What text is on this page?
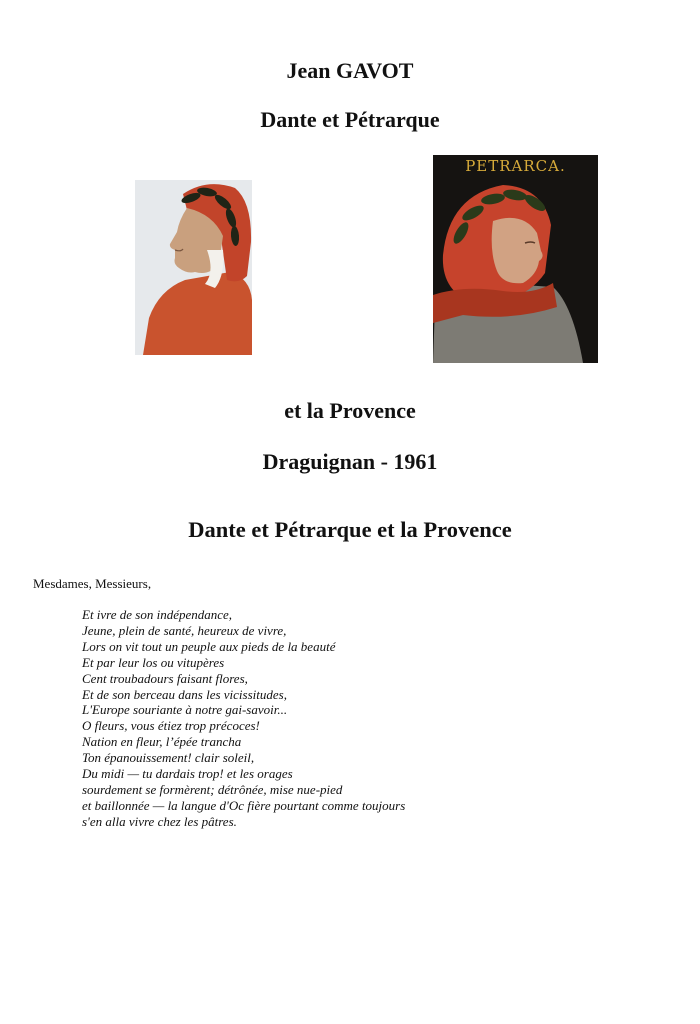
Jean GAVOT
Dante et Pétrarque
PETRARCA.
et la Provence
Draguignan - 1961
Dante et Pétrarque et la Provence
Mesdames, Messieurs,
Et ivre de son indépendance,
Jeune, plein de santé, heureux de vivre,
Lors on vit tout un peuple aux pieds de la beauté
Et par leur los ou vitupères
Cent troubadours faisant flores,
Et de son berceau dans les vicissitudes,
L'Europe souriante à notre gai-savoir...
O fleurs, vous étiez trop précoces!
Nation en fleur, l’épée trancha
Ton épanouissement! clair soleil,
Du midi — tu dardais trop! et les orages
sourdement se formèrent; détrônée, mise nue-pied
et baillonnée — la langue d'Oc fière pourtant comme toujours
s'en alla vivre chez les pâtres.
